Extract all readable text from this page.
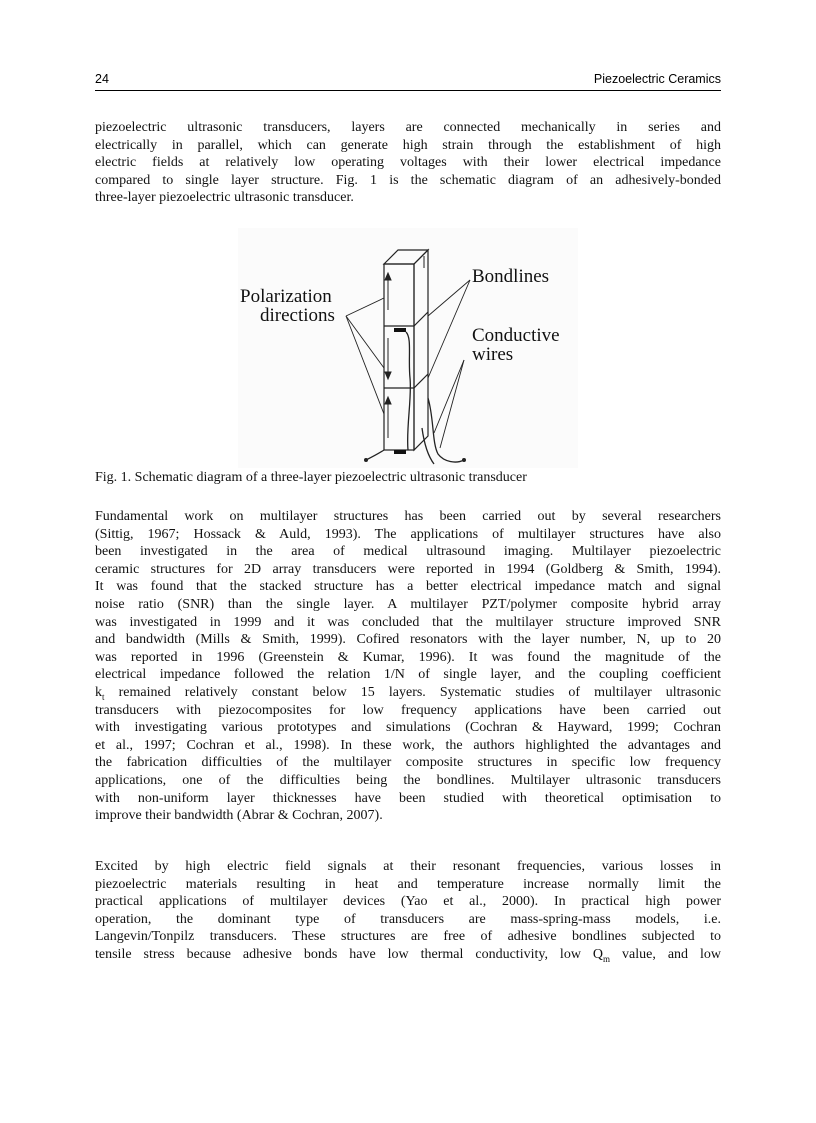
24	Piezoelectric Ceramics
piezoelectric ultrasonic transducers, layers are connected mechanically in series and
electrically in parallel, which can generate high strain through the establishment of high
electric fields at relatively low operating voltages with their lower electrical impedance
compared to single layer structure. Fig. 1 is the schematic diagram of an adhesively-bonded
three-layer piezoelectric ultrasonic transducer.
Polarization
directions
Bondlines
Conductive
wires
Fig. 1. Schematic diagram of a three-layer piezoelectric ultrasonic transducer
Fundamental work on multilayer structures has been carried out by several researchers
(Sittig, 1967; Hossack & Auld, 1993). The applications of multilayer structures have also
been investigated in the area of medical ultrasound imaging. Multilayer piezoelectric
ceramic structures for 2D array transducers were reported in 1994 (Goldberg & Smith, 1994).
It was found that the stacked structure has a better electrical impedance match and signal
noise ratio (SNR) than the single layer. A multilayer PZT/polymer composite hybrid array
was investigated in 1999 and it was concluded that the multilayer structure improved SNR
and bandwidth (Mills & Smith, 1999). Cofired resonators with the layer number, N, up to 20
was reported in 1996 (Greenstein & Kumar, 1996). It was found the magnitude of the
electrical impedance followed the relation 1/N of single layer, and the coupling coefficient
$k_t$ remained relatively constant below 15 layers. Systematic studies of multilayer ultrasonic
transducers with piezocomposites for low frequency applications have been carried out
with investigating various prototypes and simulations (Cochran & Hayward, 1999; Cochran
et al., 1997; Cochran et al., 1998). In these work, the authors highlighted the advantages and
the fabrication difficulties of the multilayer composite structures in specific low frequency
applications, one of the difficulties being the bondlines. Multilayer ultrasonic transducers
with non-uniform layer thicknesses have been studied with theoretical optimisation to
improve their bandwidth (Abrar & Cochran, 2007).
Excited by high electric field signals at their resonant frequencies, various losses in
piezoelectric materials resulting in heat and temperature increase normally limit the
practical applications of multilayer devices (Yao et al., 2000). In practical high power
operation, the dominant type of transducers are mass-spring-mass models, i.e.
Langevin/Tonpilz transducers. These structures are free of adhesive bondlines subjected to
tensile stress because adhesive bonds have low thermal conductivity, low $Q_m$ value, and low
